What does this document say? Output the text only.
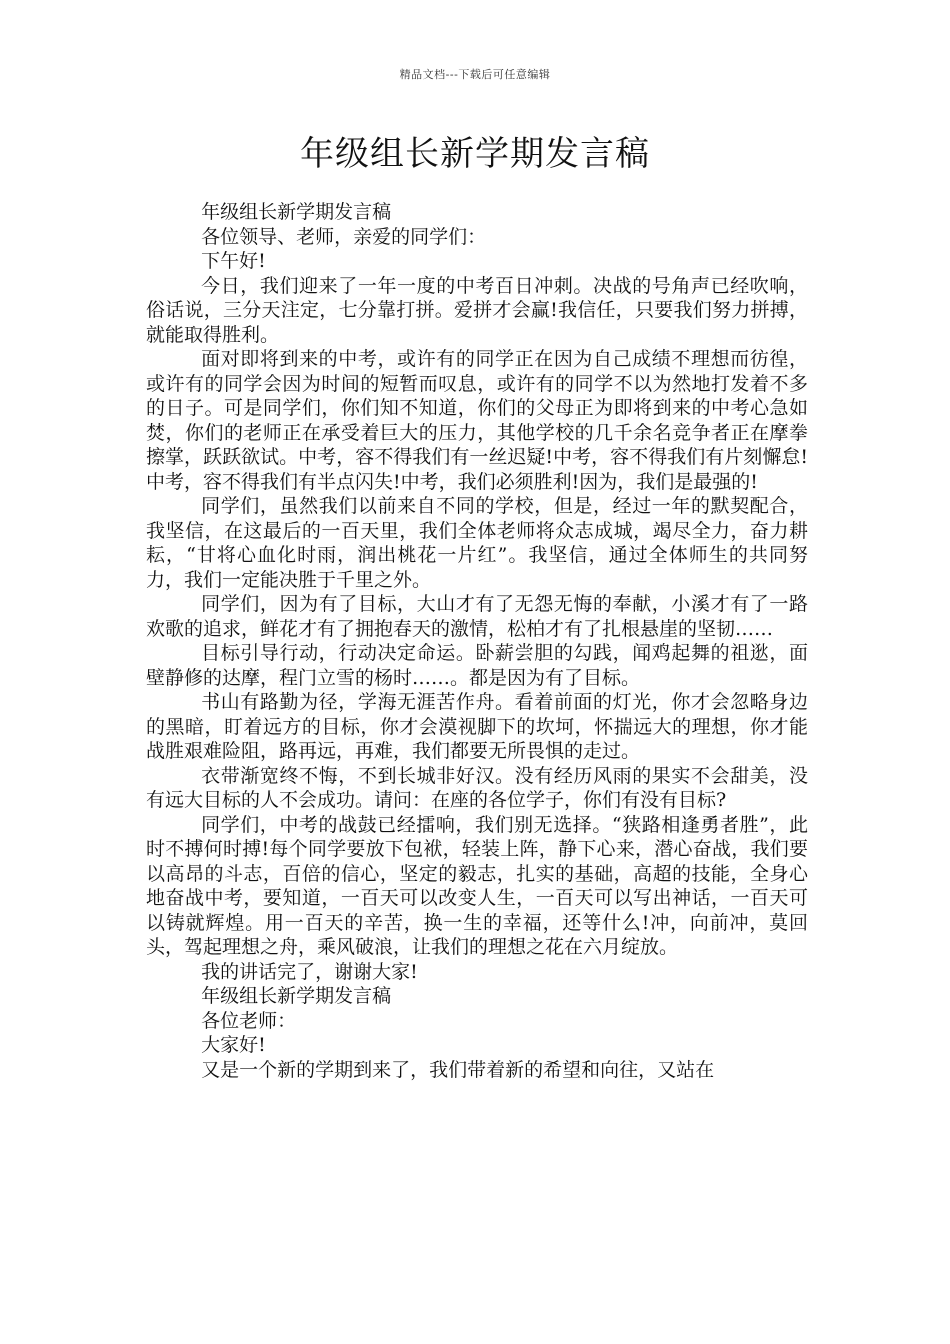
精品文档---下载后可任意编辑
年级组长新学期发言稿

年级组长新学期发言稿

各位领导、老师，亲爱的同学们：

下午好!

今日，我们迎来了一年一度的中考百日冲刺。决战的号角声已经吹响，俗话说，三分天注定，七分靠打拼。爱拼才会赢!我信任，只要我们努力拼搏，就能取得胜利。

面对即将到来的中考，或许有的同学正在因为自己成绩不理想而彷徨，或许有的同学会因为时间的短暂而叹息，或许有的同学不以为然地打发着不多的日子。可是同学们，你们知不知道，你们的父母正为即将到来的中考心急如焚，你们的老师正在承受着巨大的压力，其他学校的几千余名竞争者正在摩拳擦掌，跃跃欲试。中考，容不得我们有一丝迟疑!中考，容不得我们有片刻懈怠!中考，容不得我们有半点闪失!中考，我们必须胜利!因为，我们是最强的!

同学们，虽然我们以前来自不同的学校，但是，经过一年的默契配合，我坚信，在这最后的一百天里，我们全体老师将众志成城，竭尽全力，奋力耕耘，“甘将心血化时雨，润出桃花一片红”。我坚信，通过全体师生的共同努力，我们一定能决胜于千里之外。

同学们，因为有了目标，大山才有了无怨无悔的奉献，小溪才有了一路欢歌的追求，鲜花才有了拥抱春天的激情，松柏才有了扎根悬崖的坚韧……

目标引导行动，行动决定命运。卧薪尝胆的勾践，闻鸡起舞的祖逖，面壁静修的达摩，程门立雪的杨时……。都是因为有了目标。

书山有路勤为径，学海无涯苦作舟。看着前面的灯光，你才会忽略身边的黑暗，盯着远方的目标，你才会漠视脚下的坎坷，怀揣远大的理想，你才能战胜艰难险阻，路再远，再难，我们都要无所畏惧的走过。

衣带渐宽终不悔，不到长城非好汉。没有经历风雨的果实不会甜美，没有远大目标的人不会成功。请问：在座的各位学子，你们有没有目标?

同学们，中考的战鼓已经擂响，我们别无选择。“狭路相逢勇者胜”，此时不搏何时搏!每个同学要放下包袱，轻装上阵，静下心来，潜心奋战，我们要以高昂的斗志，百倍的信心，坚定的毅志，扎实的基础，高超的技能，全身心地奋战中考，要知道，一百天可以改变人生，一百天可以写出神话，一百天可以铸就辉煌。用一百天的辛苦，换一生的幸福，还等什么!冲，向前冲，莫回头，驾起理想之舟，乘风破浪，让我们的理想之花在六月绽放。

我的讲话完了，谢谢大家!

年级组长新学期发言稿

各位老师：

大家好!

又是一个新的学期到来了，我们带着新的希望和向往，又站在
